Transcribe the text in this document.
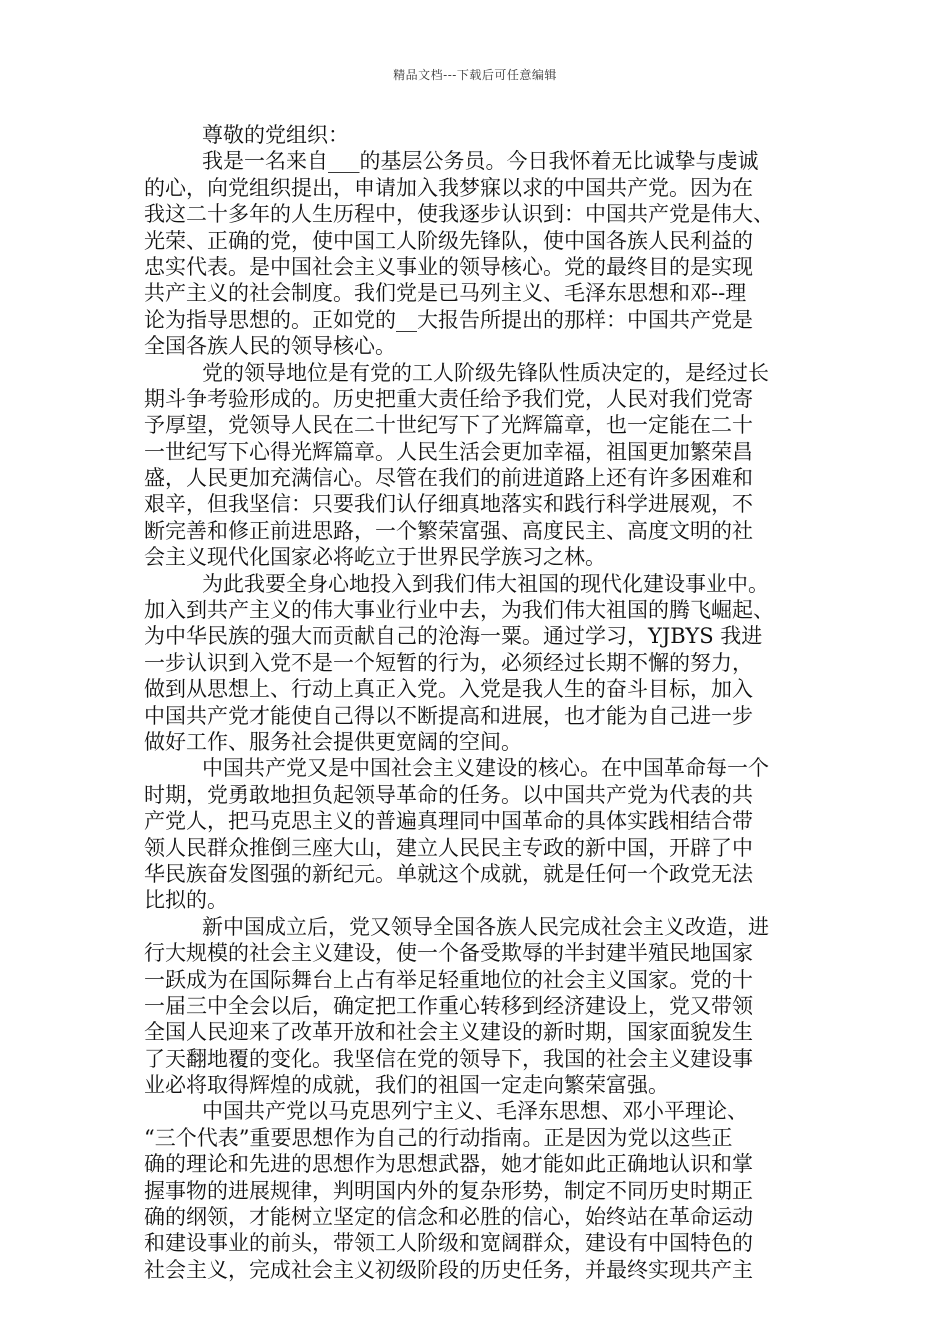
精品文档---下载后可任意编辑
尊敬的党组织：
我是一名来自___的基层公务员。今日我怀着无比诚挚与虔诚
的心，向党组织提出，申请加入我梦寐以求的中国共产党。因为在
我这二十多年的人生历程中，使我逐步认识到：中国共产党是伟大、
光荣、正确的党，使中国工人阶级先锋队，使中国各族人民利益的
忠实代表。是中国社会主义事业的领导核心。党的最终目的是实现
共产主义的社会制度。我们党是已马列主义、毛泽东思想和邓--理
论为指导思想的。正如党的__大报告所提出的那样：中国共产党是
全国各族人民的领导核心。
党的领导地位是有党的工人阶级先锋队性质决定的，是经过长
期斗争考验形成的。历史把重大责任给予我们党，人民对我们党寄
予厚望，党领导人民在二十世纪写下了光辉篇章，也一定能在二十
一世纪写下心得光辉篇章。人民生活会更加幸福，祖国更加繁荣昌
盛，人民更加充满信心。尽管在我们的前进道路上还有许多困难和
艰辛，但我坚信：只要我们认仔细真地落实和践行科学进展观，不
断完善和修正前进思路，一个繁荣富强、高度民主、高度文明的社
会主义现代化国家必将屹立于世界民学族习之林。
为此我要全身心地投入到我们伟大祖国的现代化建设事业中。
加入到共产主义的伟大事业行业中去，为我们伟大祖国的腾飞崛起、
为中华民族的强大而贡献自己的沧海一粟。通过学习，YJBYS 我进
一步认识到入党不是一个短暂的行为，必须经过长期不懈的努力，
做到从思想上、行动上真正入党。入党是我人生的奋斗目标，加入
中国共产党才能使自己得以不断提高和进展，也才能为自己进一步
做好工作、服务社会提供更宽阔的空间。
中国共产党又是中国社会主义建设的核心。在中国革命每一个
时期，党勇敢地担负起领导革命的任务。以中国共产党为代表的共
产党人，把马克思主义的普遍真理同中国革命的具体实践相结合带
领人民群众推倒三座大山，建立人民民主专政的新中国，开辟了中
华民族奋发图强的新纪元。单就这个成就，就是任何一个政党无法
比拟的。
新中国成立后，党又领导全国各族人民完成社会主义改造，进
行大规模的社会主义建设，使一个备受欺辱的半封建半殖民地国家
一跃成为在国际舞台上占有举足轻重地位的社会主义国家。党的十
一届三中全会以后，确定把工作重心转移到经济建设上，党又带领
全国人民迎来了改革开放和社会主义建设的新时期，国家面貌发生
了天翻地覆的变化。我坚信在党的领导下，我国的社会主义建设事
业必将取得辉煌的成就，我们的祖国一定走向繁荣富强。
中国共产党以马克思列宁主义、毛泽东思想、邓小平理论、
“三个代表”重要思想作为自己的行动指南。正是因为党以这些正
确的理论和先进的思想作为思想武器，她才能如此正确地认识和掌
握事物的进展规律，判明国内外的复杂形势，制定不同历史时期正
确的纲领，才能树立坚定的信念和必胜的信心，始终站在革命运动
和建设事业的前头，带领工人阶级和宽阔群众，建设有中国特色的
社会主义，完成社会主义初级阶段的历史任务，并最终实现共产主
